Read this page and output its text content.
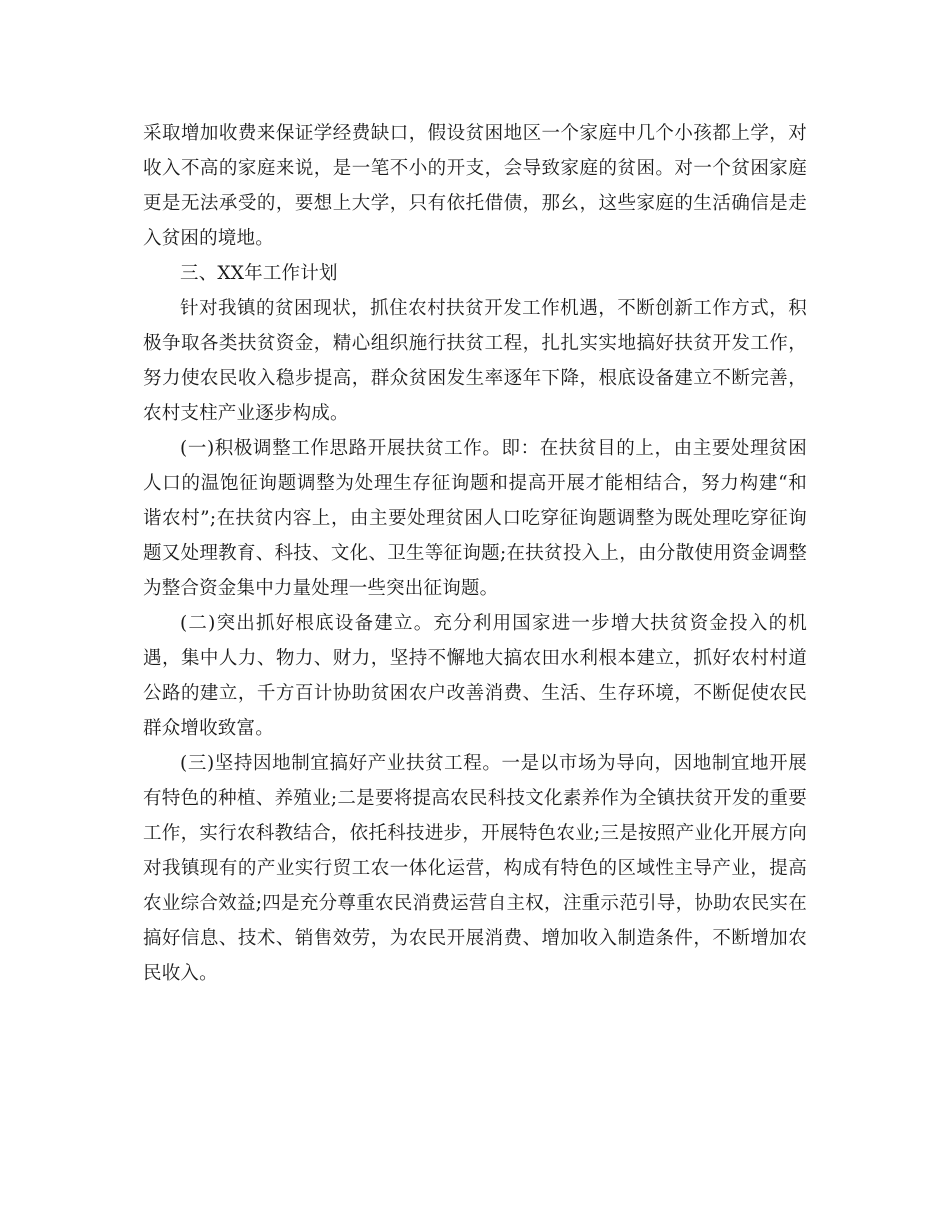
采取增加收费来保证学经费缺口，假设贫困地区一个家庭中几个小孩都上学，对收入不高的家庭来说，是一笔不小的开支，会导致家庭的贫困。对一个贫困家庭更是无法承受的，要想上大学，只有依托借债，那幺，这些家庭的生活确信是走入贫困的境地。

三、XX年工作计划

针对我镇的贫困现状，抓住农村扶贫开发工作机遇，不断创新工作方式，积极争取各类扶贫资金，精心组织施行扶贫工程，扎扎实实地搞好扶贫开发工作，努力使农民收入稳步提高，群众贫困发生率逐年下降，根底设备建立不断完善，农村支柱产业逐步构成。

(一)积极调整工作思路开展扶贫工作。即：在扶贫目的上，由主要处理贫困人口的温饱征询题调整为处理生存征询题和提高开展才能相结合，努力构建“和谐农村”;在扶贫内容上，由主要处理贫困人口吃穿征询题调整为既处理吃穿征询题又处理教育、科技、文化、卫生等征询题;在扶贫投入上，由分散使用资金调整为整合资金集中力量处理一些突出征询题。

(二)突出抓好根底设备建立。充分利用国家进一步增大扶贫资金投入的机遇，集中人力、物力、财力，坚持不懈地大搞农田水利根本建立，抓好农村村道公路的建立，千方百计协助贫困农户改善消费、生活、生存环境，不断促使农民群众增收致富。

(三)坚持因地制宜搞好产业扶贫工程。一是以市场为导向，因地制宜地开展有特色的种植、养殖业;二是要将提高农民科技文化素养作为全镇扶贫开发的重要工作，实行农科教结合，依托科技进步，开展特色农业;三是按照产业化开展方向对我镇现有的产业实行贸工农一体化运营，构成有特色的区域性主导产业，提高农业综合效益;四是充分尊重农民消费运营自主权，注重示范引导，协助农民实在搞好信息、技术、销售效劳，为农民开展消费、增加收入制造条件，不断增加农民收入。
